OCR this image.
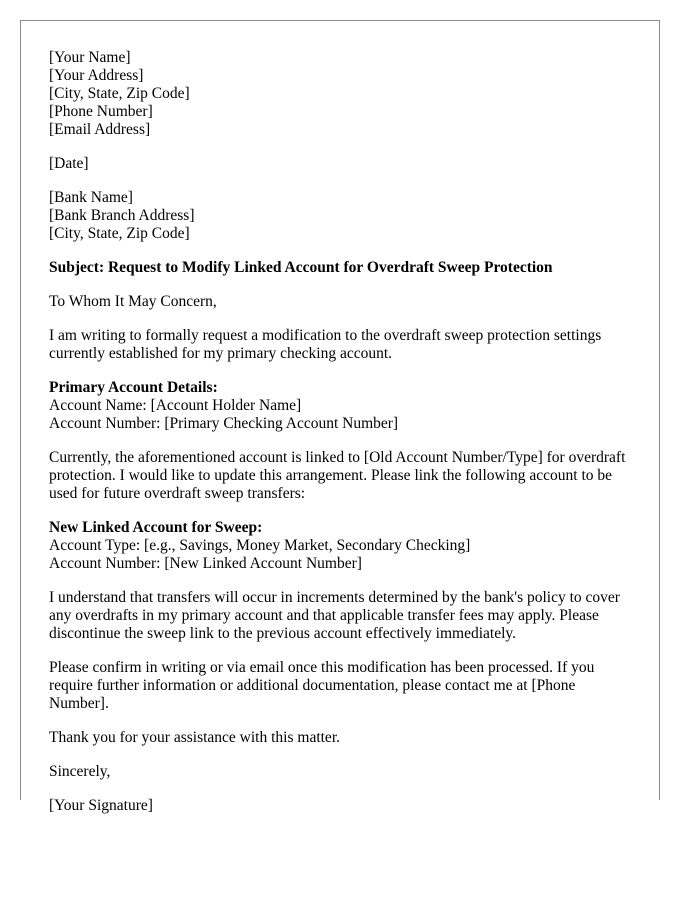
[Your Name]
[Your Address]
[City, State, Zip Code]
[Phone Number]
[Email Address]

[Date]

[Bank Name]
[Bank Branch Address]
[City, State, Zip Code]

Subject: Request to Modify Linked Account for Overdraft Sweep Protection

To Whom It May Concern,

I am writing to formally request a modification to the overdraft sweep protection settings currently established for my primary checking account.

Primary Account Details:
Account Name: [Account Holder Name]
Account Number: [Primary Checking Account Number]

Currently, the aforementioned account is linked to [Old Account Number/Type] for overdraft protection. I would like to update this arrangement. Please link the following account to be used for future overdraft sweep transfers:

New Linked Account for Sweep:
Account Type: [e.g., Savings, Money Market, Secondary Checking]
Account Number: [New Linked Account Number]

I understand that transfers will occur in increments determined by the bank's policy to cover any overdrafts in my primary account and that applicable transfer fees may apply. Please discontinue the sweep link to the previous account effectively immediately.

Please confirm in writing or via email once this modification has been processed. If you require further information or additional documentation, please contact me at [Phone Number].

Thank you for your assistance with this matter.

Sincerely,

[Your Signature]
